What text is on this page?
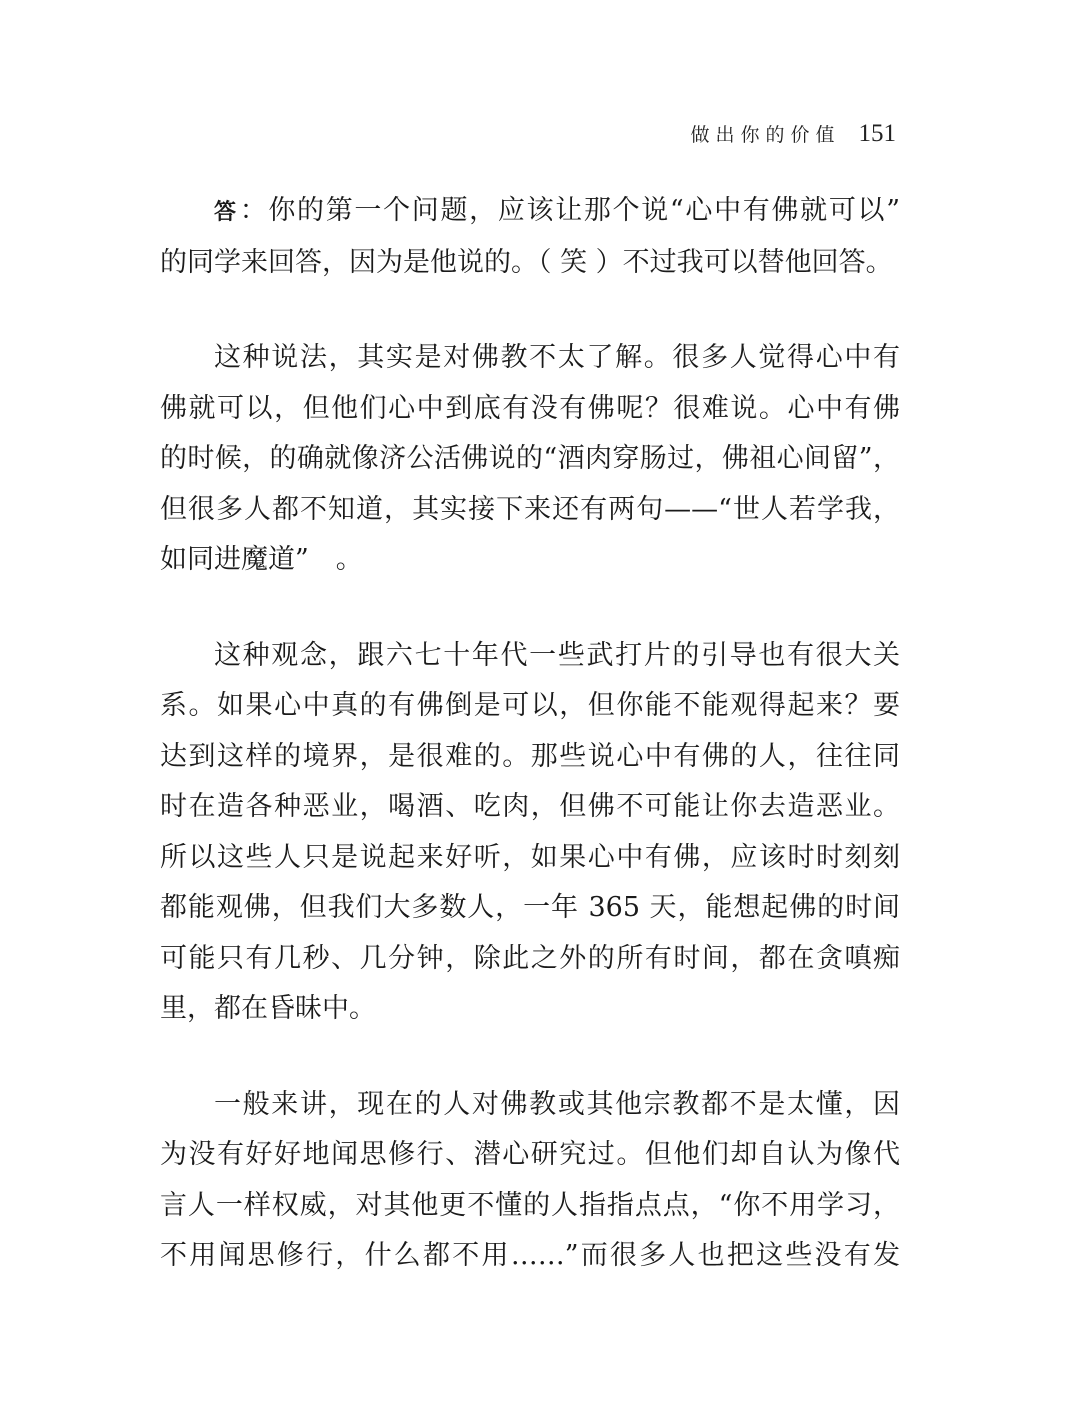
做出你的价值 151

答：你的第一个问题，应该让那个说“心中有佛就可以”
的同学来回答，因为是他说的。（ 笑 ）不过我可以替他回答。

这种说法，其实是对佛教不太了解。很多人觉得心中有
佛就可以，但他们心中到底有没有佛呢？很难说。心中有佛
的时候，的确就像济公活佛说的“酒肉穿肠过，佛祖心间留”，
但很多人都不知道，其实接下来还有两句——“世人若学我，
如同进魔道”　。

这种观念，跟六七十年代一些武打片的引导也有很大关
系。如果心中真的有佛倒是可以，但你能不能观得起来？要
达到这样的境界，是很难的。那些说心中有佛的人，往往同
时在造各种恶业，喝酒、吃肉，但佛不可能让你去造恶业。
所以这些人只是说起来好听，如果心中有佛，应该时时刻刻
都能观佛，但我们大多数人，一年 365 天，能想起佛的时间
可能只有几秒、几分钟，除此之外的所有时间，都在贪嗔痴
里，都在昏昧中。

一般来讲，现在的人对佛教或其他宗教都不是太懂，因
为没有好好地闻思修行、潜心研究过。但他们却自认为像代
言人一样权威，对其他更不懂的人指指点点，“你不用学习，
不用闻思修行，什么都不用……”而很多人也把这些没有发
